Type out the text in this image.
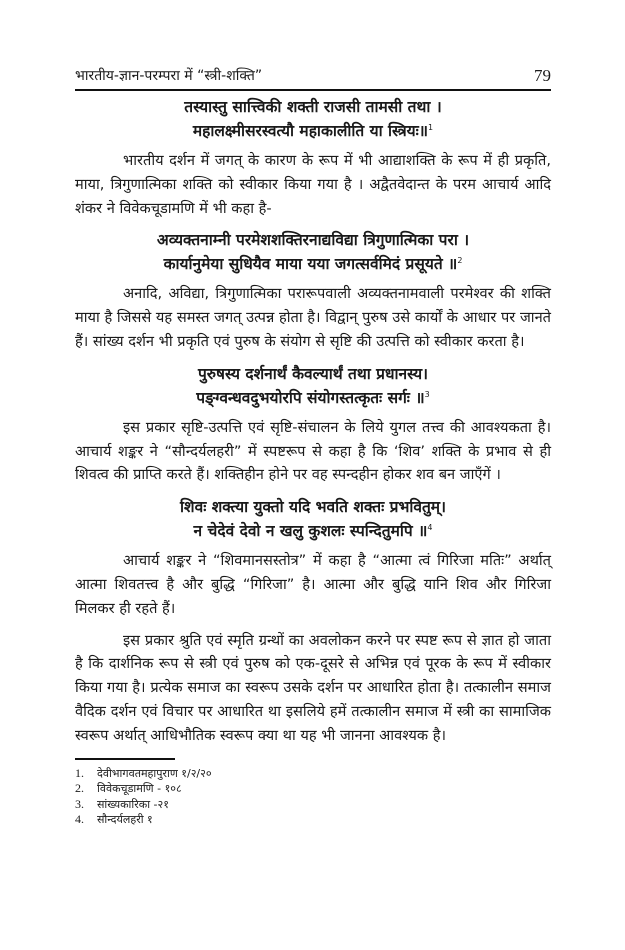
भारतीय-ज्ञान-परम्परा में “स्त्री-शक्ति”	79
तस्यास्तु सात्त्विकी शक्ती राजसी तामसी तथा ।
महालक्ष्मीसरस्वत्यौ महाकालीति या स्त्रियः॥$^1$

भारतीय दर्शन में जगत् के कारण के रूप में भी आद्याशक्ति के रूप में ही प्रकृति, माया, त्रिगुणात्मिका शक्ति को स्वीकार किया गया है । अद्वैतवेदान्त के परम आचार्य आदि शंकर ने विवेकचूडामणि में भी कहा है-

अव्यक्तनाम्नी परमेशशक्तिरनाद्यविद्या त्रिगुणात्मिका परा ।
कार्यानुमेया सुधियैव माया यया जगत्सर्वमिदं प्रसूयते ॥$^2$

अनादि, अविद्या, त्रिगुणात्मिका परारूपवाली अव्यक्तनामवाली परमेश्वर की शक्ति माया है जिससे यह समस्त जगत् उत्पन्न होता है। विद्वान् पुरुष उसे कार्यों के आधार पर जानते हैं। सांख्य दर्शन भी प्रकृति एवं पुरुष के संयोग से सृष्टि की उत्पत्ति को स्वीकार करता है।

पुरुषस्य दर्शनार्थं कैवल्यार्थं तथा प्रधानस्य।
पङ्ग्वन्धवदुभयोरपि संयोगस्तत्कृतः सर्गः ॥$^3$

इस प्रकार सृष्टि-उत्पत्ति एवं सृष्टि-संचालन के लिये युगल तत्त्व की आवश्यकता है। आचार्य शङ्कर ने “सौन्दर्यलहरी” में स्पष्टरूप से कहा है कि ‘शिव’ शक्ति के प्रभाव से ही शिवत्व की प्राप्ति करते हैं। शक्तिहीन होने पर वह स्पन्दहीन होकर शव बन जाएँगें ।

शिवः शक्त्या युक्तो यदि भवति शक्तः प्रभवितुम्।
न चेदेवं देवो न खलु कुशलः स्पन्दितुमपि ॥$^4$

आचार्य शङ्कर ने “शिवमानसस्तोत्र” में कहा है “आत्मा त्वं गिरिजा मतिः” अर्थात् आत्मा शिवतत्त्व है और बुद्धि “गिरिजा” है। आत्मा और बुद्धि यानि शिव और गिरिजा मिलकर ही रहते हैं।

इस प्रकार श्रुति एवं स्मृति ग्रन्थों का अवलोकन करने पर स्पष्ट रूप से ज्ञात हो जाता है कि दार्शनिक रूप से स्त्री एवं पुरुष को एक-दूसरे से अभिन्न एवं पूरक के रूप में स्वीकार किया गया है। प्रत्येक समाज का स्वरूप उसके दर्शन पर आधारित होता है। तत्कालीन समाज वैदिक दर्शन एवं विचार पर आधारित था इसलिये हमें तत्कालीन समाज में स्त्री का सामाजिक स्वरूप अर्थात् आधिभौतिक स्वरूप क्या था यह भी जानना आवश्यक है।

1.	देवीभागवतमहापुराण १/२/२०
2.	विवेकचूडामणि - १०८
3.	सांख्यकारिका -२१
4.	सौन्दर्यलहरी १
